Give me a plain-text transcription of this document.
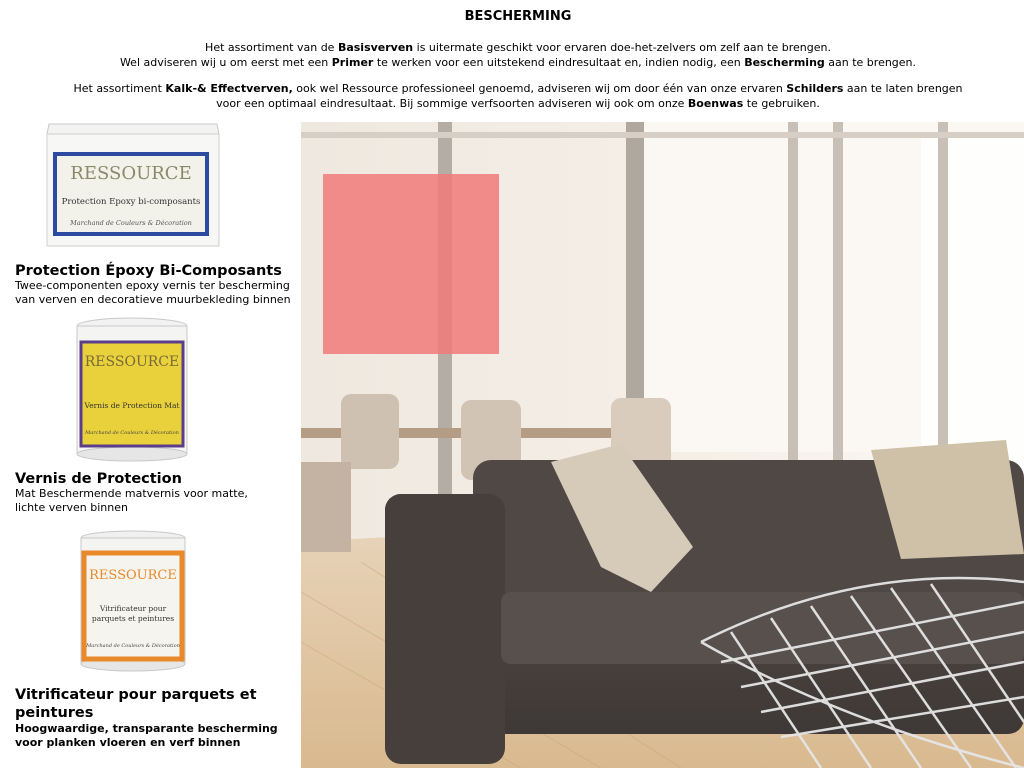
BESCHERMING
Het assortiment van de Basisverven is uitermate geschikt voor ervaren doe-het-zelvers om zelf aan te brengen.
Wel adviseren wij u om eerst met een Primer te werken voor een uitstekend eindresultaat en, indien nodig, een Bescherming aan te brengen.
Het assortiment Kalk-& Effectverven, ook wel Ressource professioneel genoemd, adviseren wij om door één van onze ervaren Schilders aan te laten brengen
voor een optimaal eindresultaat. Bij sommige verfsoorten adviseren wij ook om onze Boenwas te gebruiken.
RESSOURCE
Protection Epoxy bi-composants
Marchand de Couleurs & Décoration
Protection Époxy Bi-Composants
Twee-componenten epoxy vernis ter bescherming
van verven en decoratieve muurbekleding binnen
RESSOURCE
Vernis de Protection Mat
Marchand de Couleurs & Décoration
Vernis de Protection
Mat Beschermende matvernis voor matte,
lichte verven binnen
RESSOURCE
Vitrificateur pour
parquets et peintures
Marchand de Couleurs & Décoration
Vitrificateur pour parquets et
peintures
Hoogwaardige, transparante bescherming
voor planken vloeren en verf binnen
